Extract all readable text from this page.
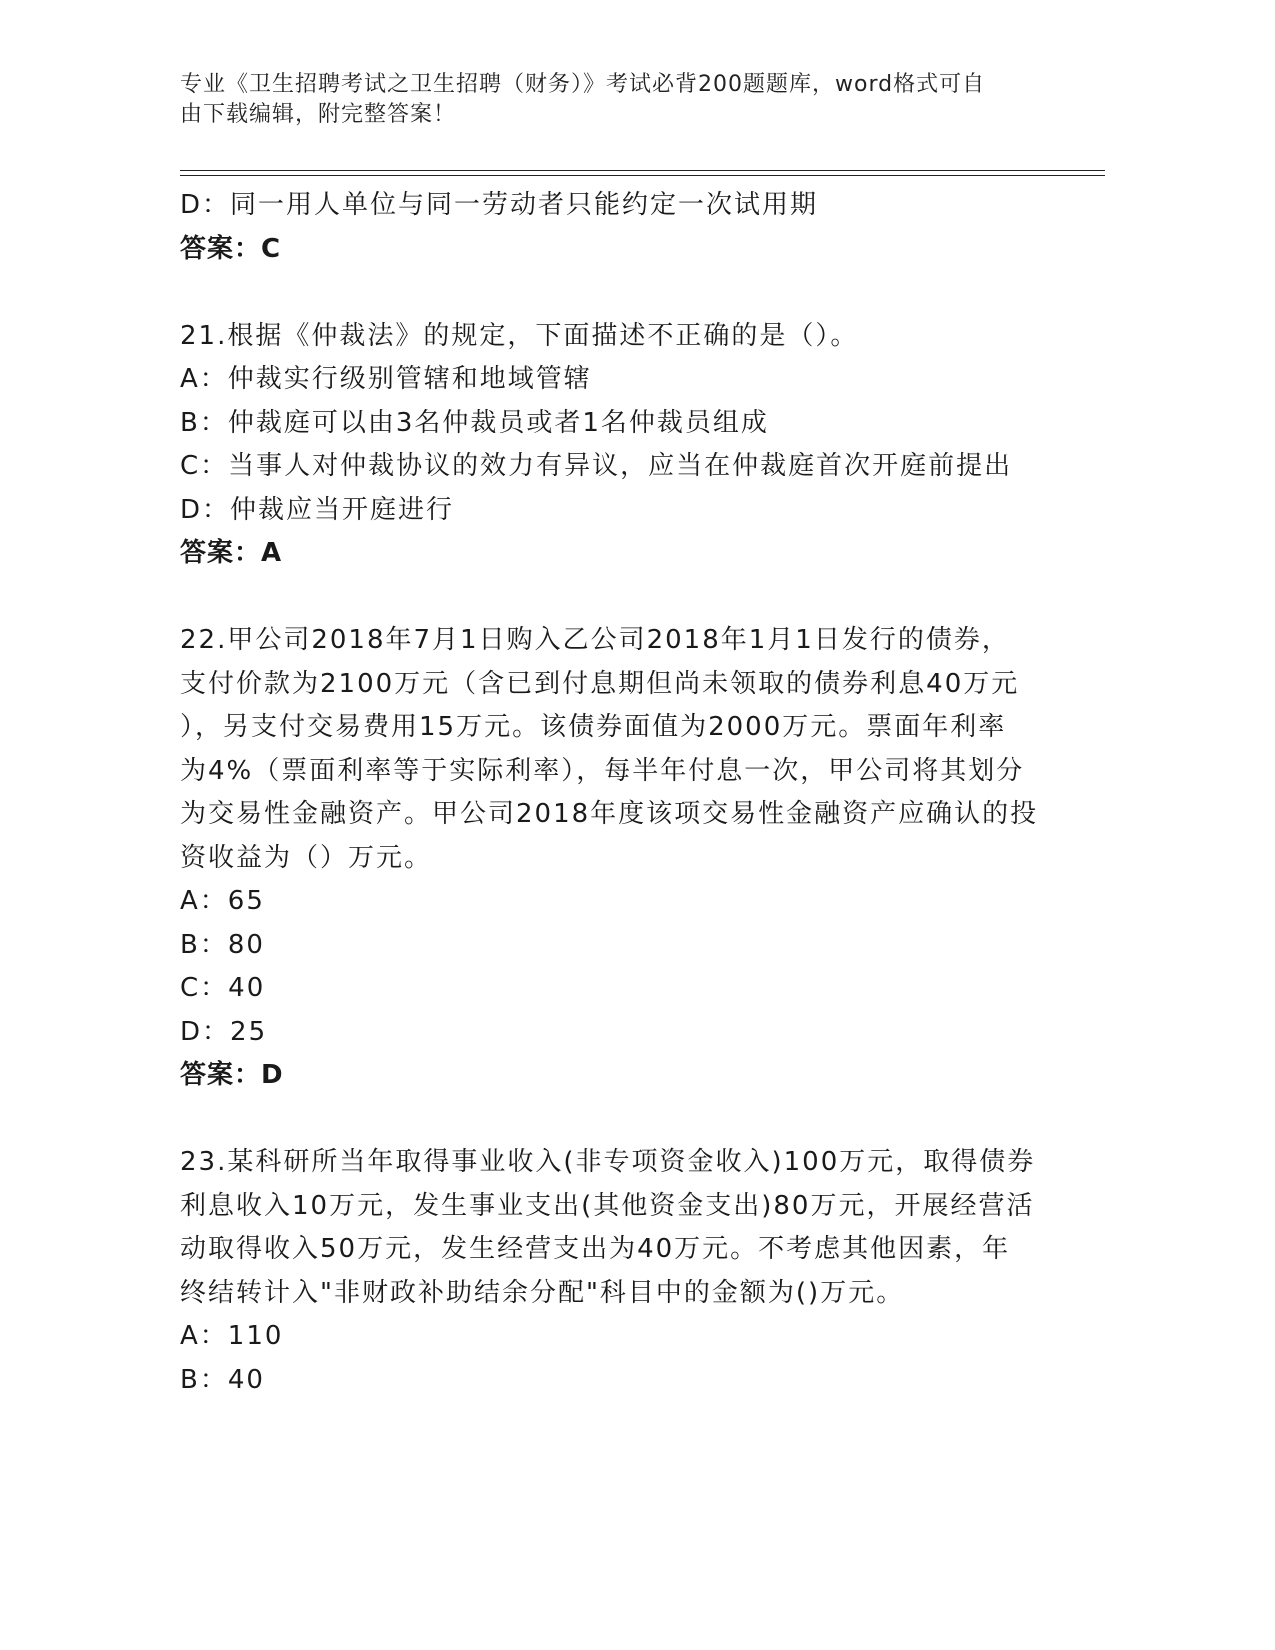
专业《卫生招聘考试之卫生招聘（财务）》考试必背200题题库，word格式可自
由下载编辑，附完整答案！
D：同一用人单位与同一劳动者只能约定一次试用期
答案：C
21.根据《仲裁法》的规定，下面描述不正确的是（）。
A：仲裁实行级别管辖和地域管辖
B：仲裁庭可以由3名仲裁员或者1名仲裁员组成
C：当事人对仲裁协议的效力有异议，应当在仲裁庭首次开庭前提出
D：仲裁应当开庭进行
答案：A
22.甲公司2018年7月1日购入乙公司2018年1月1日发行的债券，
支付价款为2100万元（含已到付息期但尚未领取的债券利息40万元
），另支付交易费用15万元。该债券面值为2000万元。票面年利率
为4%（票面利率等于实际利率），每半年付息一次，甲公司将其划分
为交易性金融资产。甲公司2018年度该项交易性金融资产应确认的投
资收益为（）万元。
A：65
B：80
C：40
D：25
答案：D
23.某科研所当年取得事业收入(非专项资金收入)100万元，取得债券
利息收入10万元，发生事业支出(其他资金支出)80万元，开展经营活
动取得收入50万元，发生经营支出为40万元。不考虑其他因素，年
终结转计入"非财政补助结余分配"科目中的金额为()万元。
A：110
B：40
